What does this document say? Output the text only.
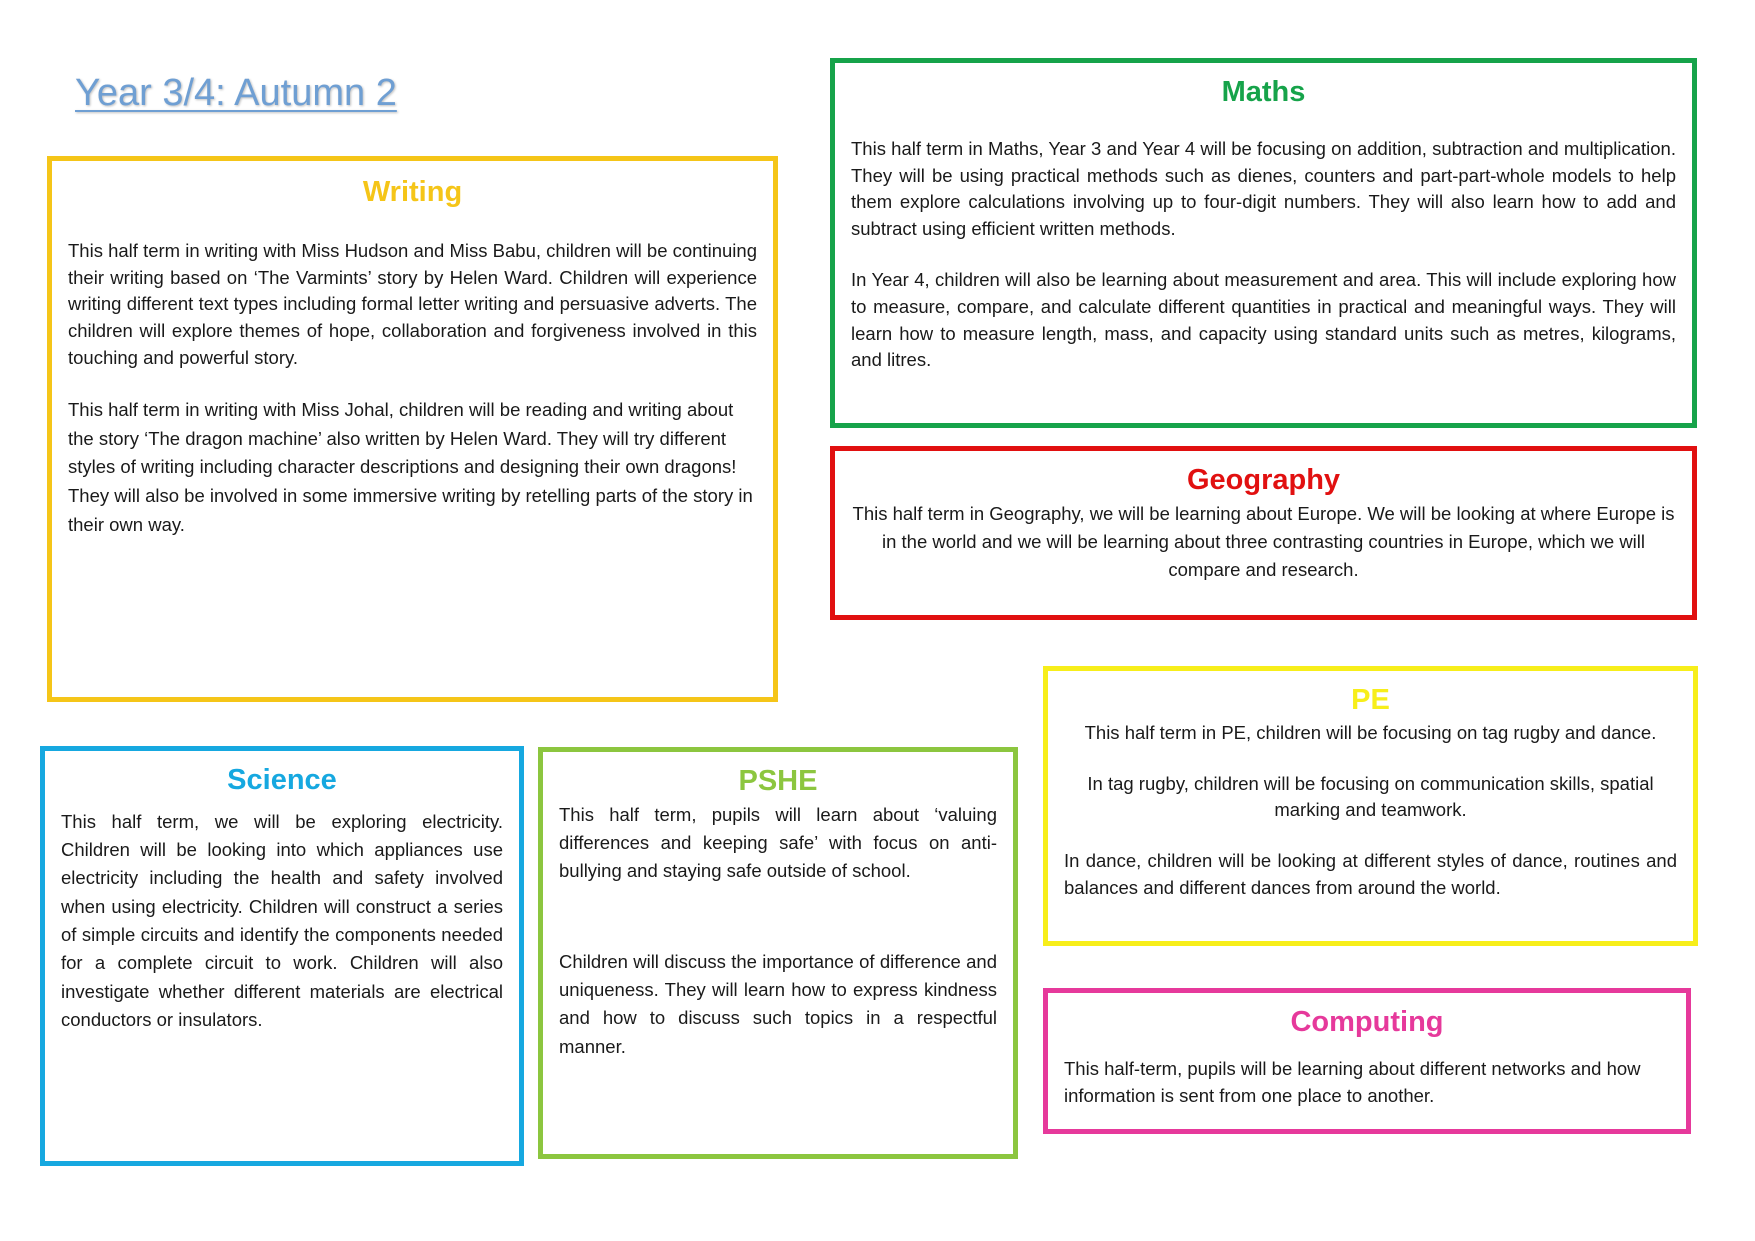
Year 3/4: Autumn 2
Writing

This half term in writing with Miss Hudson and Miss Babu, children will be continuing their writing based on ‘The Varmints’ story by Helen Ward. Children will experience writing different text types including formal letter writing and persuasive adverts. The children will explore themes of hope, collaboration and forgiveness involved in this touching and powerful story.

This half term in writing with Miss Johal, children will be reading and writing about the story ‘The dragon machine’ also written by Helen Ward. They will try different styles of writing including character descriptions and designing their own dragons! They will also be involved in some immersive writing by retelling parts of the story in their own way.

Maths

This half term in Maths, Year 3 and Year 4 will be focusing on addition, subtraction and multiplication. They will be using practical methods such as dienes, counters and part-part-whole models to help them explore calculations involving up to four-digit numbers. They will also learn how to add and subtract using efficient written methods.

In Year 4, children will also be learning about measurement and area. This will include exploring how to measure, compare, and calculate different quantities in practical and meaningful ways. They will learn how to measure length, mass, and capacity using standard units such as metres, kilograms, and litres.

Geography

This half term in Geography, we will be learning about Europe. We will be looking at where Europe is in the world and we will be learning about three contrasting countries in Europe, which we will compare and research.

PE

This half term in PE, children will be focusing on tag rugby and dance.

In tag rugby, children will be focusing on communication skills, spatial marking and teamwork.

In dance, children will be looking at different styles of dance, routines and balances and different dances from around the world.

Computing

This half-term, pupils will be learning about different networks and how information is sent from one place to another.

Science

This half term, we will be exploring electricity. Children will be looking into which appliances use electricity including the health and safety involved when using electricity. Children will construct a series of simple circuits and identify the components needed for a complete circuit to work. Children will also investigate whether different materials are electrical conductors or insulators.

PSHE

This half term, pupils will learn about ‘valuing differences and keeping safe’ with focus on anti-bullying and staying safe outside of school.

Children will discuss the importance of difference and uniqueness. They will learn how to express kindness and how to discuss such topics in a respectful manner.
